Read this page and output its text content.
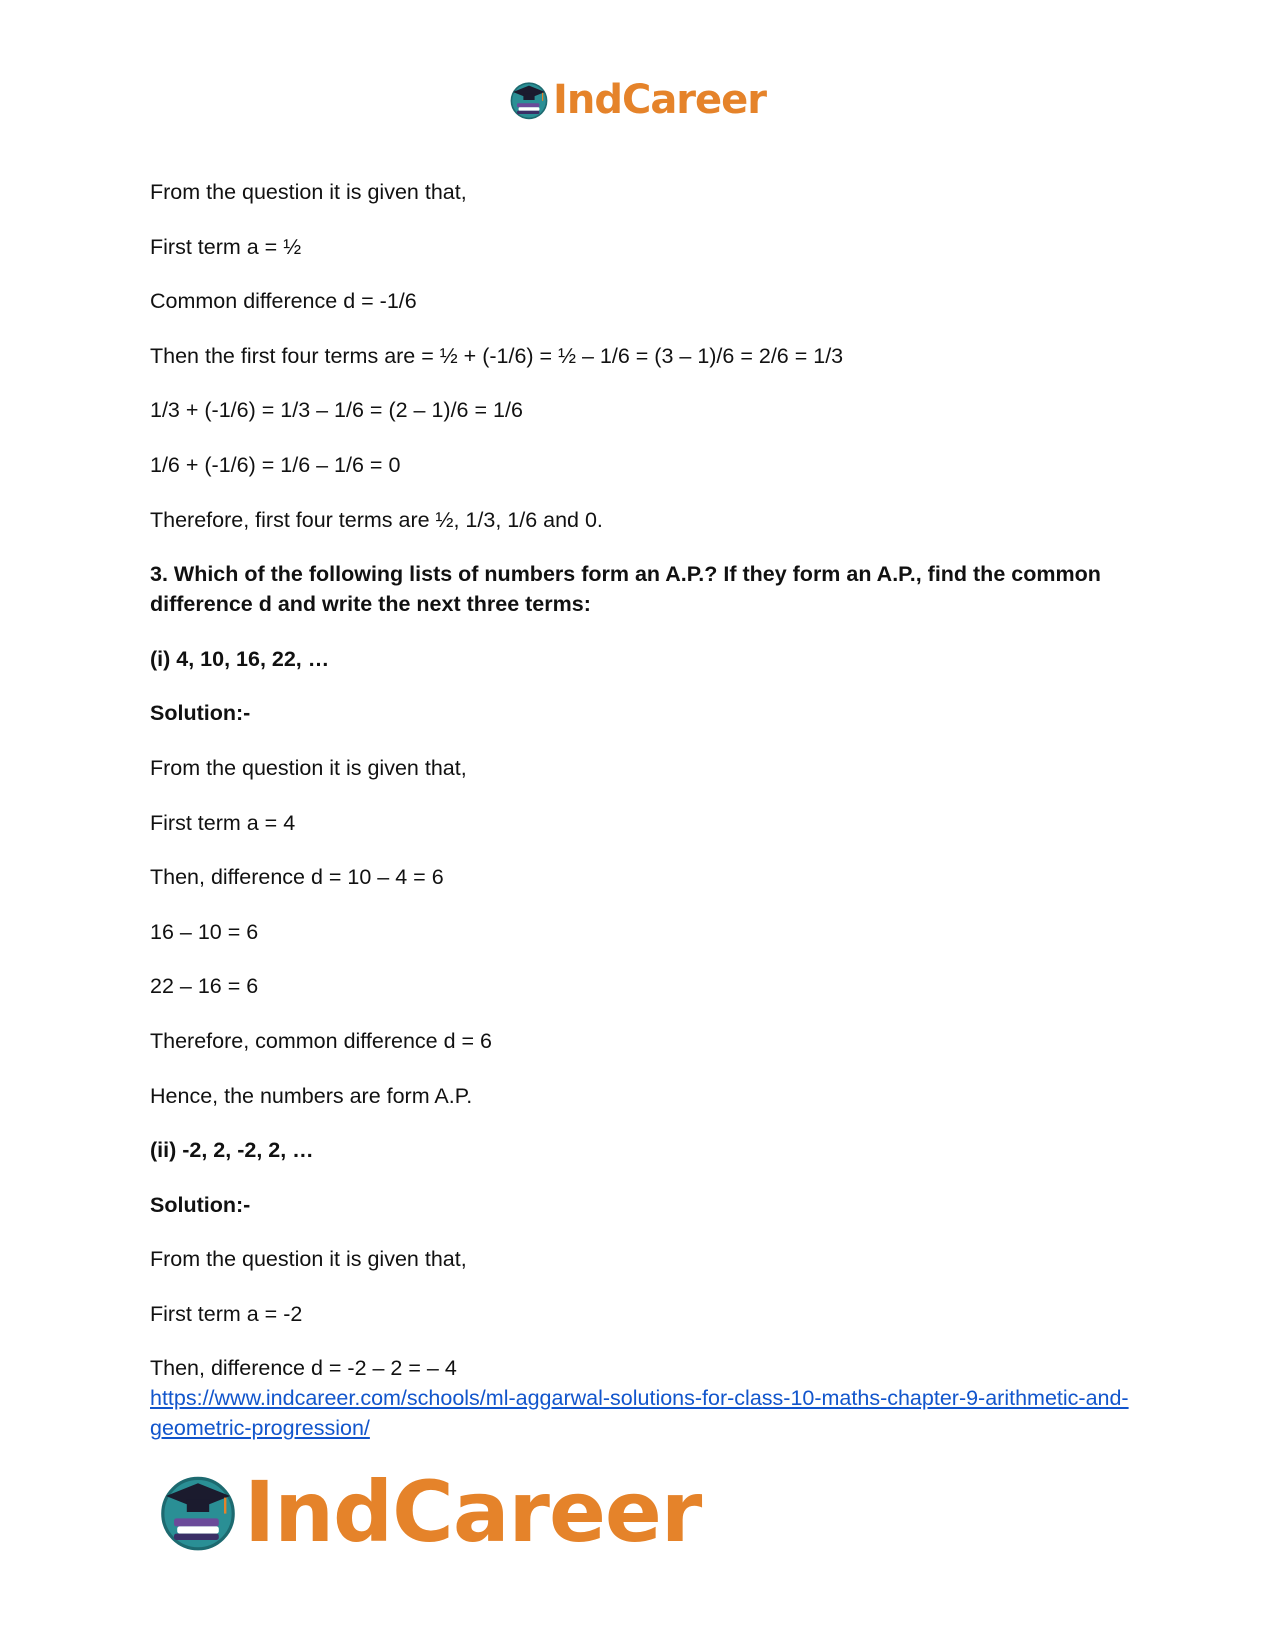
IndCareer

From the question it is given that,

First term a = ½

Common difference d = -1/6

Then the first four terms are = ½ + (-1/6) = ½ – 1/6 = (3 – 1)/6 = 2/6 = 1/3

1/3 + (-1/6) = 1/3 – 1/6 = (2 – 1)/6 = 1/6

1/6 + (-1/6) = 1/6 – 1/6 = 0

Therefore, first four terms are ½, 1/3, 1/6 and 0.

3. Which of the following lists of numbers form an A.P.? If they form an A.P., find the common difference d and write the next three terms:

(i) 4, 10, 16, 22, …

Solution:-

From the question it is given that,

First term a = 4

Then, difference d = 10 – 4 = 6

16 – 10 = 6

22 – 16 = 6

Therefore, common difference d = 6

Hence, the numbers are form A.P.

(ii) -2, 2, -2, 2, …

Solution:-

From the question it is given that,

First term a = -2

Then, difference d = -2 – 2 = – 4

https://www.indcareer.com/schools/ml-aggarwal-solutions-for-class-10-maths-chapter-9-arithmetic-and-geometric-progression/
IndCareer
